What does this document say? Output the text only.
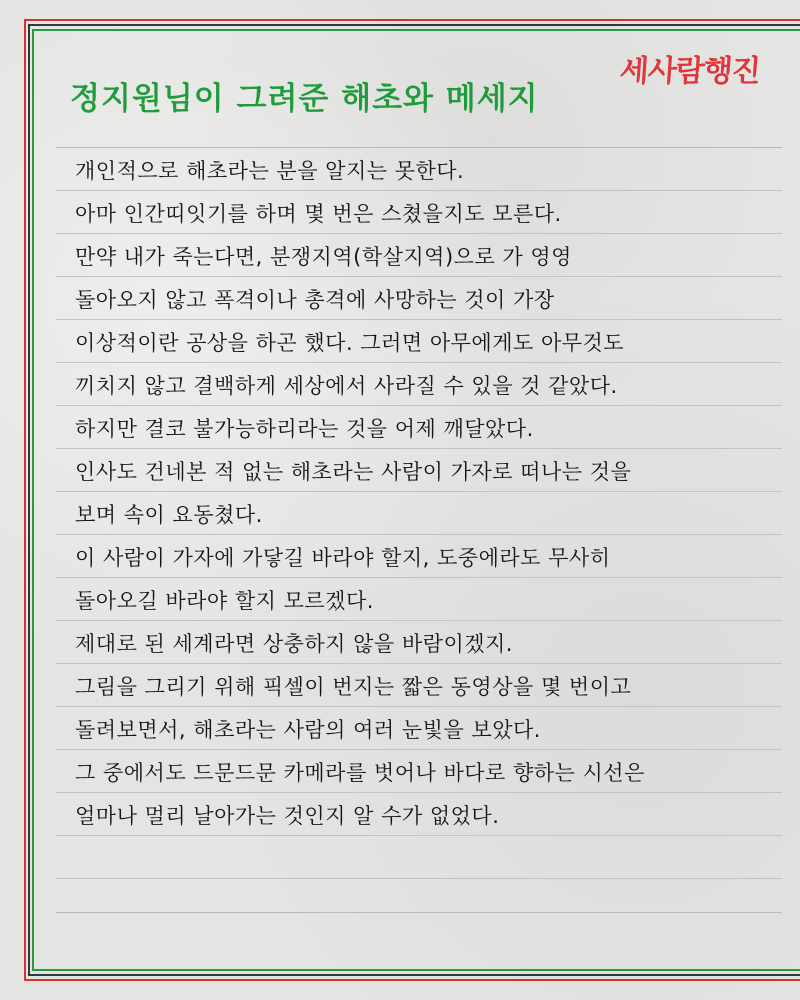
세사람행진
정지원님이 그려준 해초와 메세지
개인적으로 해초라는 분을 알지는 못한다.
아마 인간띠잇기를 하며 몇 번은 스쳤을지도 모른다.
만약 내가 죽는다면, 분쟁지역(학살지역)으로 가 영영
돌아오지 않고 폭격이나 총격에 사망하는 것이 가장
이상적이란 공상을 하곤 했다. 그러면 아무에게도 아무것도
끼치지 않고 결백하게 세상에서 사라질 수 있을 것 같았다.
하지만 결코 불가능하리라는 것을 어제 깨달았다.
인사도 건네본 적 없는 해초라는 사람이 가자로 떠나는 것을
보며 속이 요동쳤다.
이 사람이 가자에 가닿길 바라야 할지, 도중에라도 무사히
돌아오길 바라야 할지 모르겠다.
제대로 된 세계라면 상충하지 않을 바람이겠지.
그림을 그리기 위해 픽셀이 번지는 짧은 동영상을 몇 번이고
돌려보면서, 해초라는 사람의 여러 눈빛을 보았다.
그 중에서도 드문드문 카메라를 벗어나 바다로 향하는 시선은
얼마나 멀리 날아가는 것인지 알 수가 없었다.
